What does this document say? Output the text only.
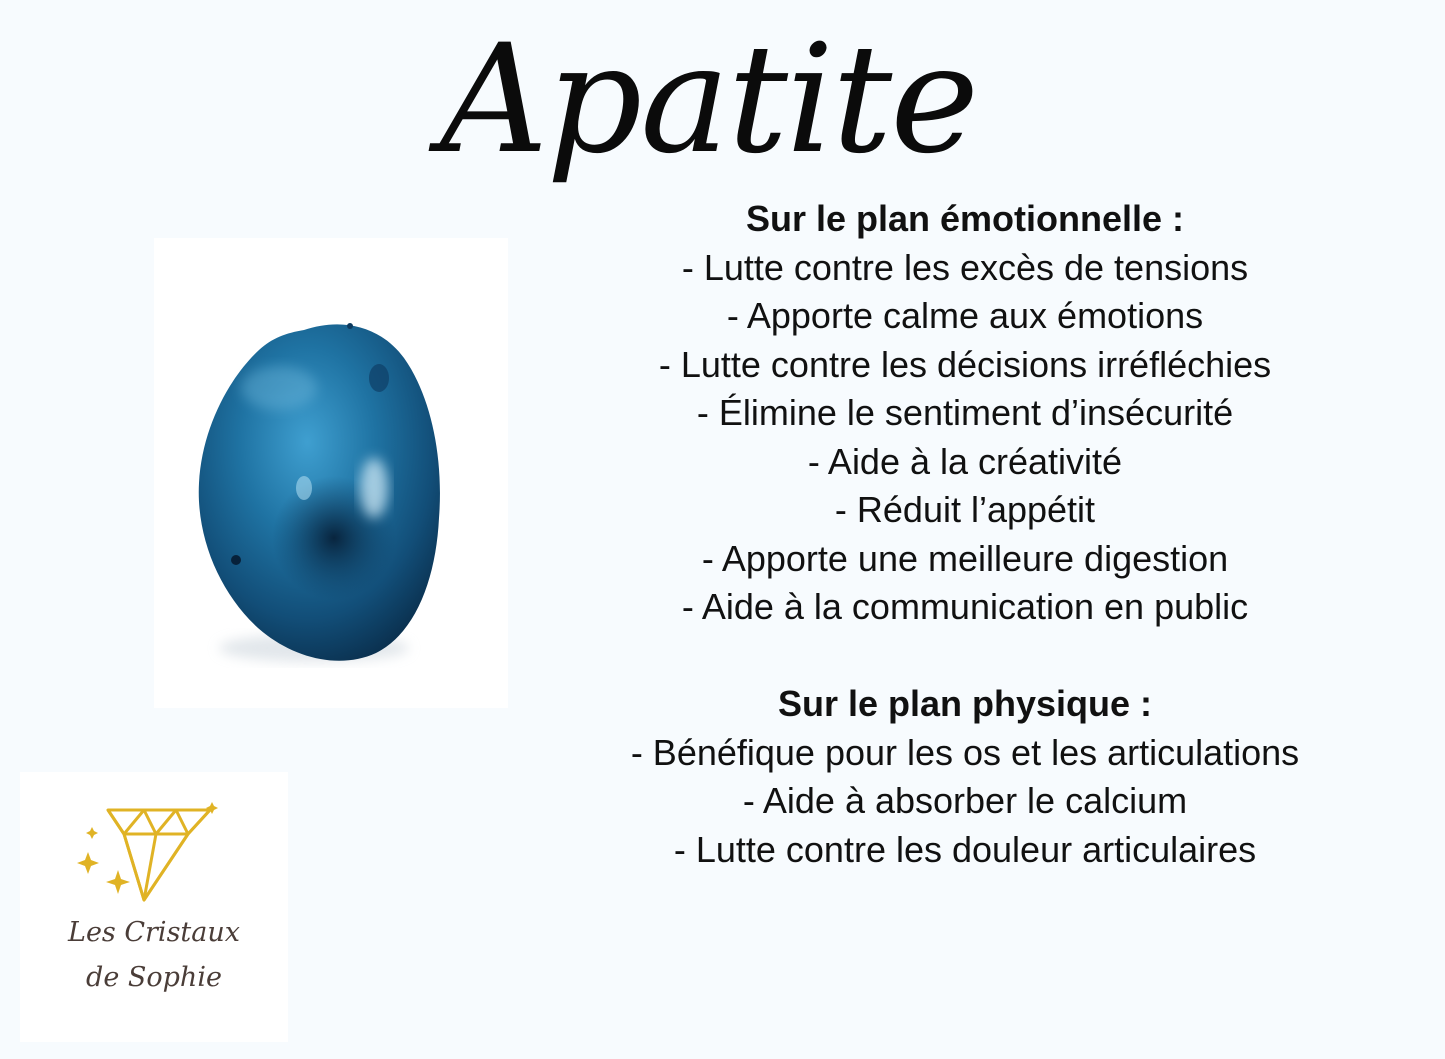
Apatite
Les Cristaux
de Sophie
Sur le plan émotionnelle :
- Lutte contre les excès de tensions
- Apporte calme aux émotions
- Lutte contre les décisions irréfléchies
- Élimine le sentiment d’insécurité
- Aide à la créativité
- Réduit l’appétit
- Apporte une meilleure digestion
- Aide à la communication en public
Sur le plan physique :
- Bénéfique pour les os et les articulations
- Aide à absorber le calcium
- Lutte contre les douleur articulaires
